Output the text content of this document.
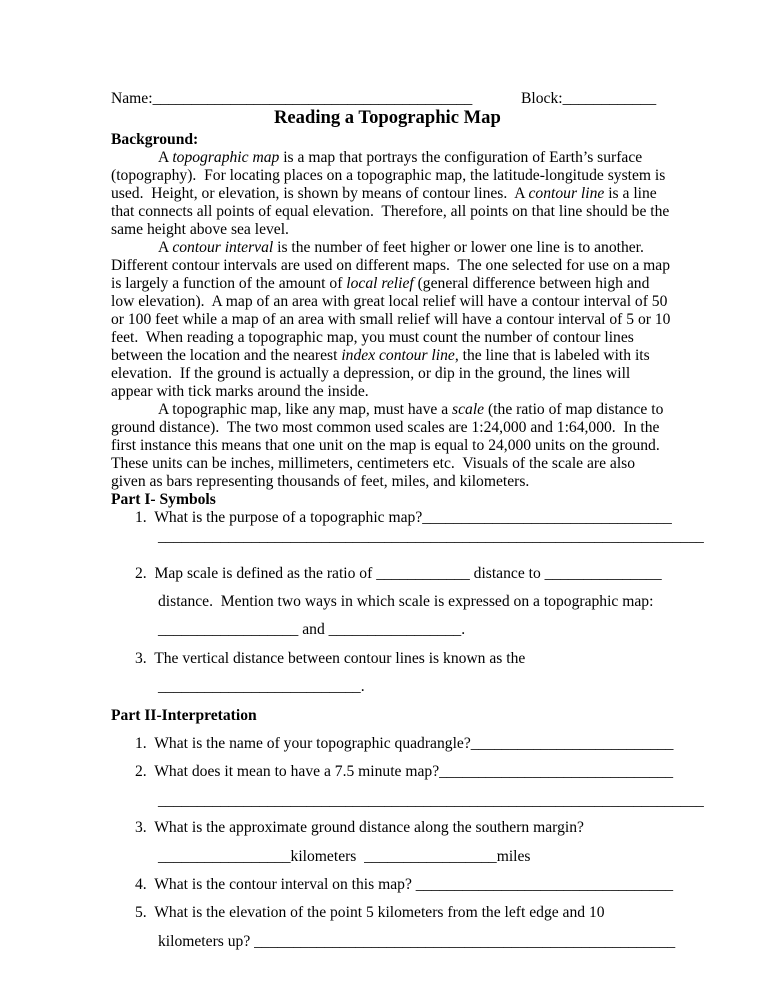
Name:_________________________________________	Block:____________
Reading a Topographic Map
Background:
A topographic map is a map that portrays the configuration of Earth’s surface
(topography).  For locating places on a topographic map, the latitude-longitude system is
used.  Height, or elevation, is shown by means of contour lines.  A contour line is a line
that connects all points of equal elevation.  Therefore, all points on that line should be the
same height above sea level.
A contour interval is the number of feet higher or lower one line is to another.
Different contour intervals are used on different maps.  The one selected for use on a map
is largely a function of the amount of local relief (general difference between high and
low elevation).  A map of an area with great local relief will have a contour interval of 50
or 100 feet while a map of an area with small relief will have a contour interval of 5 or 10
feet.  When reading a topographic map, you must count the number of contour lines
between the location and the nearest index contour line, the line that is labeled with its
elevation.  If the ground is actually a depression, or dip in the ground, the lines will
appear with tick marks around the inside.
A topographic map, like any map, must have a scale (the ratio of map distance to
ground distance).  The two most common used scales are 1:24,000 and 1:64,000.  In the
first instance this means that one unit on the map is equal to 24,000 units on the ground.
These units can be inches, millimeters, centimeters etc.  Visuals of the scale are also
given as bars representing thousands of feet, miles, and kilometers.
Part I- Symbols
1.  What is the purpose of a topographic map?________________________________
______________________________________________________________________
2.  Map scale is defined as the ratio of ____________ distance to _______________
distance.  Mention two ways in which scale is expressed on a topographic map:
__________________ and _________________.
3.  The vertical distance between contour lines is known as the
__________________________.
Part II-Interpretation
1.  What is the name of your topographic quadrangle?__________________________
2.  What does it mean to have a 7.5 minute map?______________________________
______________________________________________________________________
3.  What is the approximate ground distance along the southern margin?
_________________kilometers  _________________miles
4.  What is the contour interval on this map? _________________________________
5.  What is the elevation of the point 5 kilometers from the left edge and 10
kilometers up? ______________________________________________________
